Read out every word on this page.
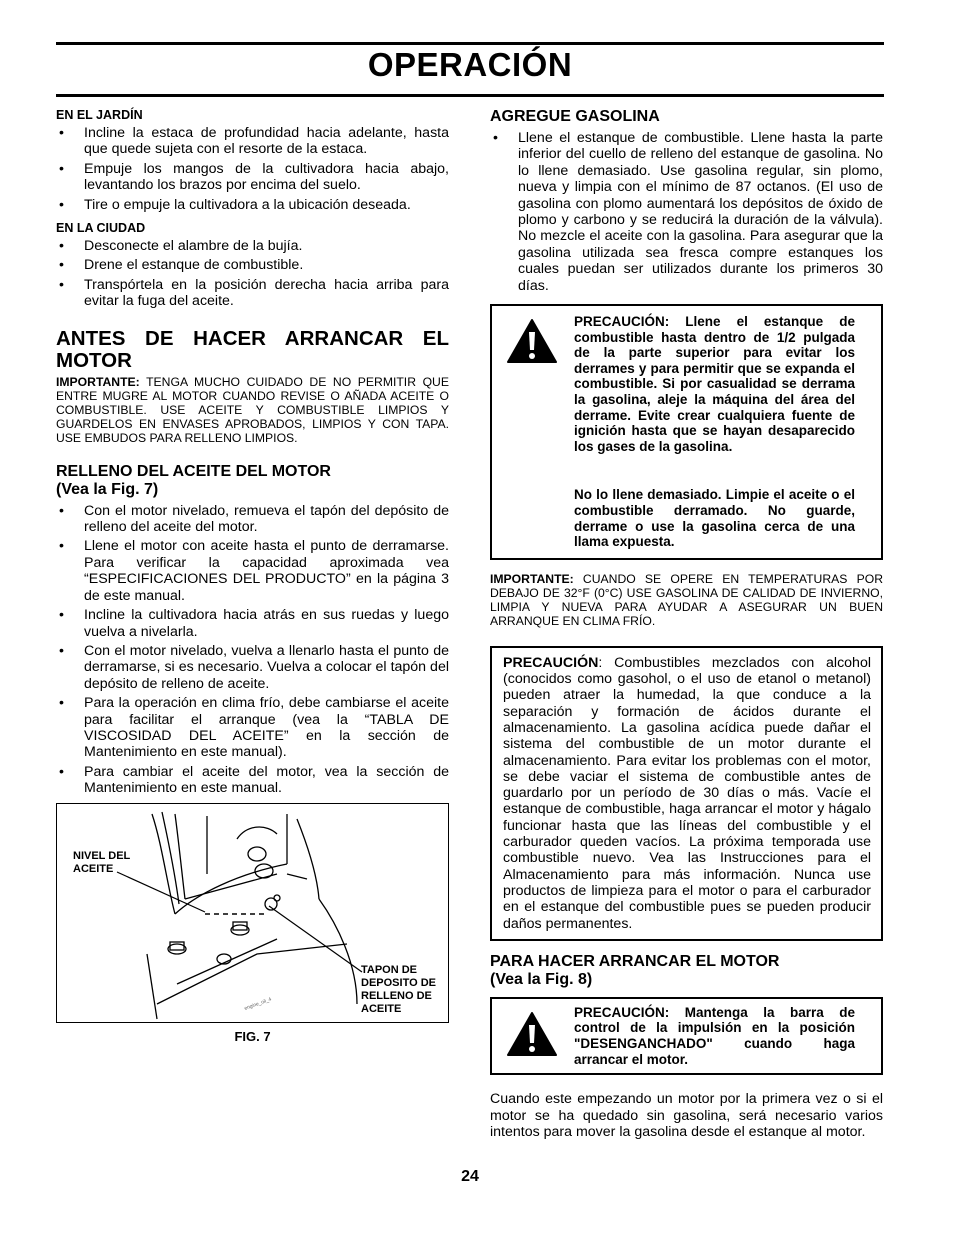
OPERACIÓN
EN EL JARDÍN
• Incline la estaca de profundidad hacia adelante, hasta que quede sujeta con el resorte de la estaca.
• Empuje los mangos de la cultivadora hacia abajo, levantando los brazos por encima del suelo.
• Tire o empuje la cultivadora a la ubicación deseada.
EN LA CIUDAD
• Desconecte el alambre de la bujía.
• Drene el estanque de combustible.
• Transpórtela en la posición derecha hacia arriba para evitar la fuga del aceite.
ANTES DE HACER ARRANCAR EL MOTOR

IMPORTANTE: TENGA MUCHO CUIDADO DE NO PERMITIR QUE ENTRE MUGRE AL MOTOR CUANDO REVISE O AÑADA ACEITE O COMBUSTIBLE. USE ACEITE Y COMBUSTIBLE LIMPIOS Y GUARDELOS EN ENVASES APROBADOS, LIMPIOS Y CON TAPA. USE EMBUDOS PARA RELLENO LIMPIOS.

RELLENO DEL ACEITE DEL MOTOR
(Vea la Fig. 7)
• Con el motor nivelado, remueva el tapón del depósito de relleno del aceite del motor.
• Llene el motor con aceite hasta el punto de derramarse. Para verificar la capacidad aproximada vea “ESPECIFICACIONES DEL PRODUCTO” en la página 3 de este manual.
• Incline la cultivadora hacia atrás en sus ruedas y luego vuelva a nivelarla.
• Con el motor nivelado, vuelva a llenarlo hasta el punto de derramarse, si es necesario. Vuelva a colocar el tapón del depósito de relleno de aceite.
• Para la operación en clima frío, debe cambiarse el aceite para facilitar el arranque (vea la “TABLA DE VISCOSIDAD DEL ACEITE” en la sección de Mantenimiento en este manual).
• Para cambiar el aceite del motor, vea la sección de Mantenimiento en este manual.
engine_oil_4
NIVEL DEL ACEITE
TAPON DE DEPOSITO DE RELLENO DE ACEITE
FIG. 7
AGREGUE GASOLINA
• Llene el estanque de combustible. Llene hasta la parte inferior del cuello de relleno del estanque de gasolina. No lo llene demasiado. Use gasolina regular, sin plomo, nueva y limpia con el mínimo de 87 octanos. (El uso de gasolina con plomo aumentará los depósitos de óxido de plomo y carbono y se reducirá la duración de la válvula). No mezcle el aceite con la gasolina. Para asegurar que la gasolina utilizada sea fresca compre estanques los cuales puedan ser utilizados durante los primeros 30 días.

PRECAUCIÓN: Llene el estanque de combustible hasta dentro de 1/2 pulgada de la parte superior para evitar los derrames y para permitir que se expanda el combustible. Si por casualidad se derrama la gasolina, aleje la máquina del área del derrame. Evite crear cualquiera fuente de ignición hasta que se hayan desaparecido los gases de la gasolina.

No lo llene demasiado. Limpie el aceite o el combustible derramado. No guarde, derrame o use la gasolina cerca de una llama expuesta.

IMPORTANTE: CUANDO SE OPERE EN TEMPERATURAS POR DEBAJO DE 32°F (0°C) USE GASOLINA DE CALIDAD DE INVIERNO, LIMPIA Y NUEVA PARA AYUDAR A ASEGURAR UN BUEN ARRANQUE EN CLIMA FRÍO.

PRECAUCIÓN: Combustibles mezclados con alcohol (conocidos como gasohol, o el uso de etanol o metanol) pueden atraer la humedad, la que conduce a la separación y formación de ácidos durante el almacenamiento. La gasolina acídica puede dañar el sistema del combustible de un motor durante el almacenamiento. Para evitar los problemas con el motor, se debe vaciar el sistema de combustible antes de guardarlo por un período de 30 días o más. Vacíe el estanque de combustible, haga arrancar el motor y hágalo funcionar hasta que las líneas del combustible y el carburador queden vacíos. La próxima temporada use combustible nuevo. Vea las Instrucciones para el Almacenamiento para más información. Nunca use productos de limpieza para el motor o para el carburador en el estanque del combustible pues se pueden producir daños permanentes.

PARA HACER ARRANCAR EL MOTOR
(Vea la Fig. 8)

PRECAUCIÓN: Mantenga la barra de control de la impulsión en la posición "DESENGANCHADO" cuando haga arrancar el motor.

Cuando este empezando un motor por la primera vez o si el motor se ha quedado sin gasolina, será necesario varios intentos para mover la gasolina desde el estanque al motor.

24
